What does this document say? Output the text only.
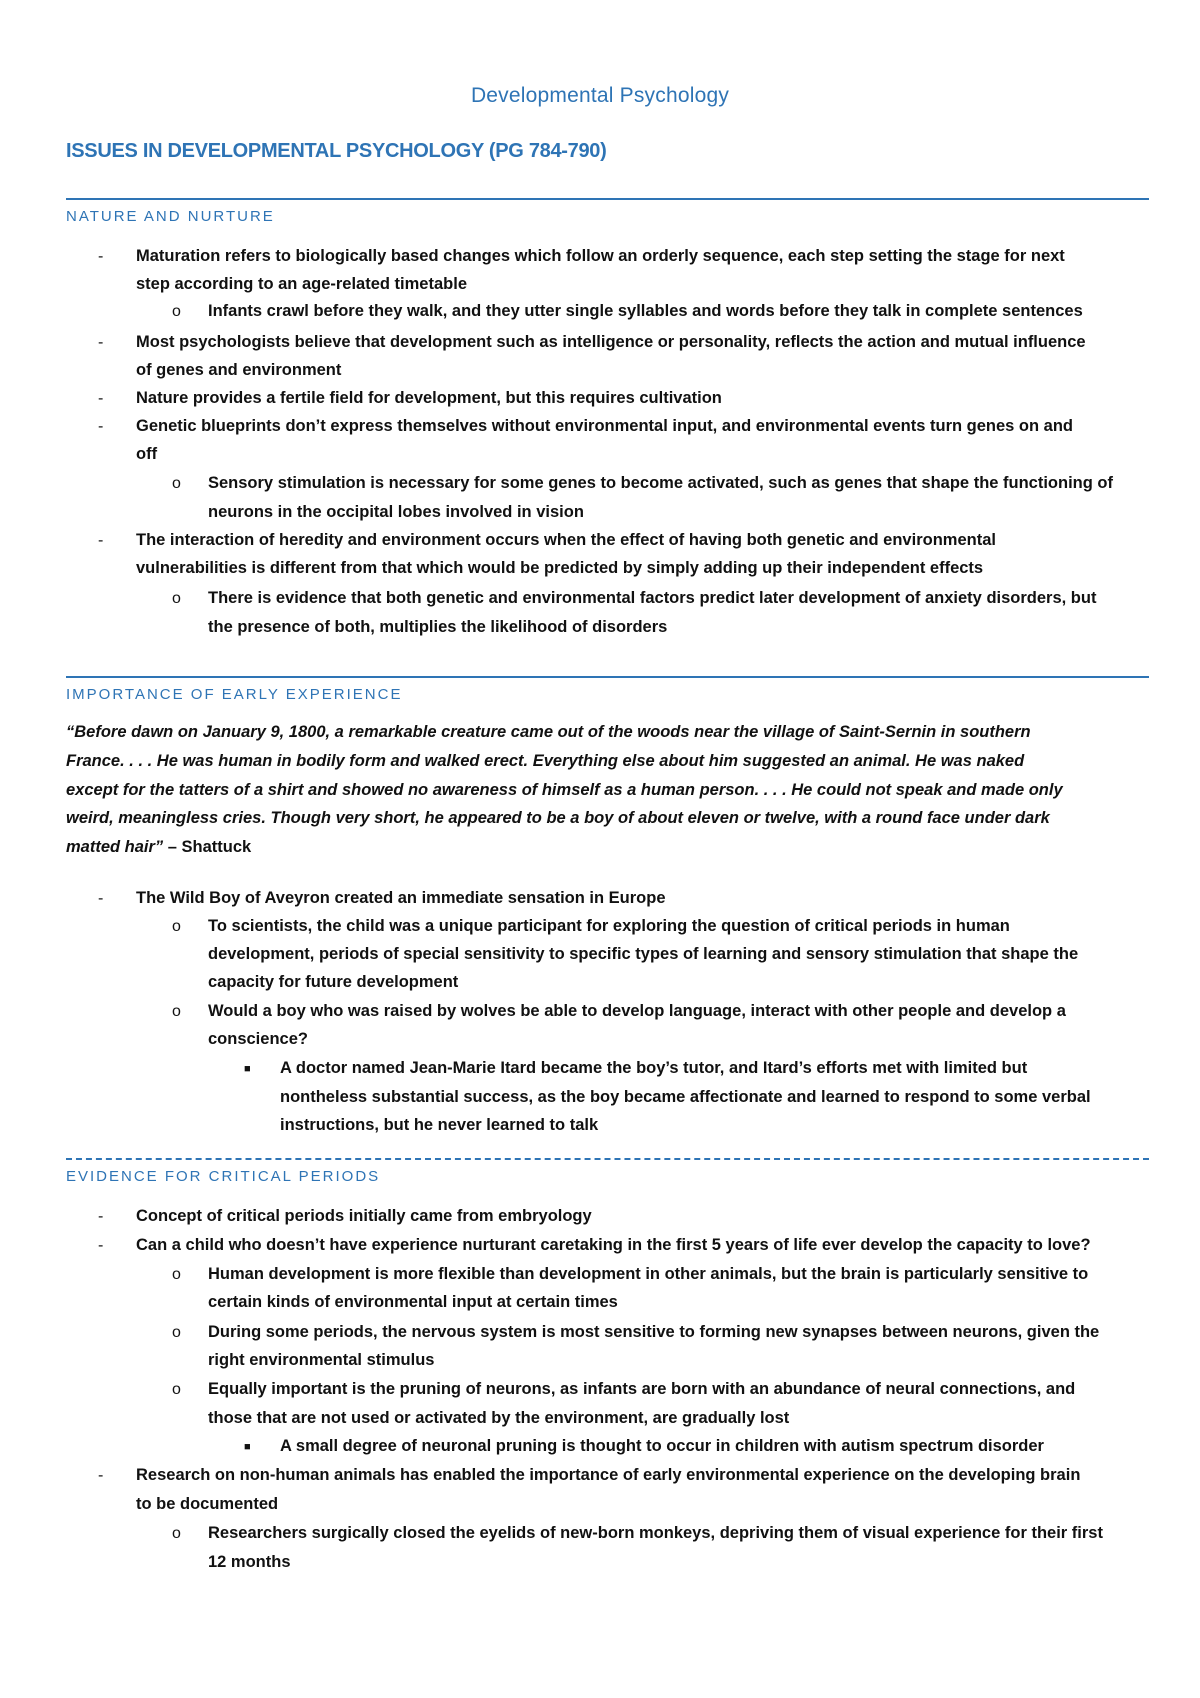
Developmental Psychology
ISSUES IN DEVELOPMENTAL PSYCHOLOGY (PG 784-790)
NATURE AND NURTURE
- Maturation refers to biologically based changes which follow an orderly sequence, each step setting the stage for next
step according to an age-related timetable
o Infants crawl before they walk, and they utter single syllables and words before they talk in complete sentences
- Most psychologists believe that development such as intelligence or personality, reflects the action and mutual influence
of genes and environment
- Nature provides a fertile field for development, but this requires cultivation
- Genetic blueprints don’t express themselves without environmental input, and environmental events turn genes on and
off
o Sensory stimulation is necessary for some genes to become activated, such as genes that shape the functioning of
neurons in the occipital lobes involved in vision
- The interaction of heredity and environment occurs when the effect of having both genetic and environmental
vulnerabilities is different from that which would be predicted by simply adding up their independent effects
o There is evidence that both genetic and environmental factors predict later development of anxiety disorders, but
the presence of both, multiplies the likelihood of disorders
IMPORTANCE OF EARLY EXPERIENCE
“Before dawn on January 9, 1800, a remarkable creature came out of the woods near the village of Saint-Sernin in southern
France. . . . He was human in bodily form and walked erect. Everything else about him suggested an animal. He was naked
except for the tatters of a shirt and showed no awareness of himself as a human person. . . . He could not speak and made only
weird, meaningless cries. Though very short, he appeared to be a boy of about eleven or twelve, with a round face under dark
matted hair” – Shattuck
- The Wild Boy of Aveyron created an immediate sensation in Europe
o To scientists, the child was a unique participant for exploring the question of critical periods in human
development, periods of special sensitivity to specific types of learning and sensory stimulation that shape the
capacity for future development
o Would a boy who was raised by wolves be able to develop language, interact with other people and develop a
conscience?
■ A doctor named Jean-Marie Itard became the boy’s tutor, and Itard’s efforts met with limited but
nontheless substantial success, as the boy became affectionate and learned to respond to some verbal
instructions, but he never learned to talk
EVIDENCE FOR CRITICAL PERIODS
- Concept of critical periods initially came from embryology
- Can a child who doesn’t have experience nurturant caretaking in the first 5 years of life ever develop the capacity to love?
o Human development is more flexible than development in other animals, but the brain is particularly sensitive to
certain kinds of environmental input at certain times
o During some periods, the nervous system is most sensitive to forming new synapses between neurons, given the
right environmental stimulus
o Equally important is the pruning of neurons, as infants are born with an abundance of neural connections, and
those that are not used or activated by the environment, are gradually lost
■ A small degree of neuronal pruning is thought to occur in children with autism spectrum disorder
- Research on non-human animals has enabled the importance of early environmental experience on the developing brain
to be documented
o Researchers surgically closed the eyelids of new-born monkeys, depriving them of visual experience for their first
12 months
